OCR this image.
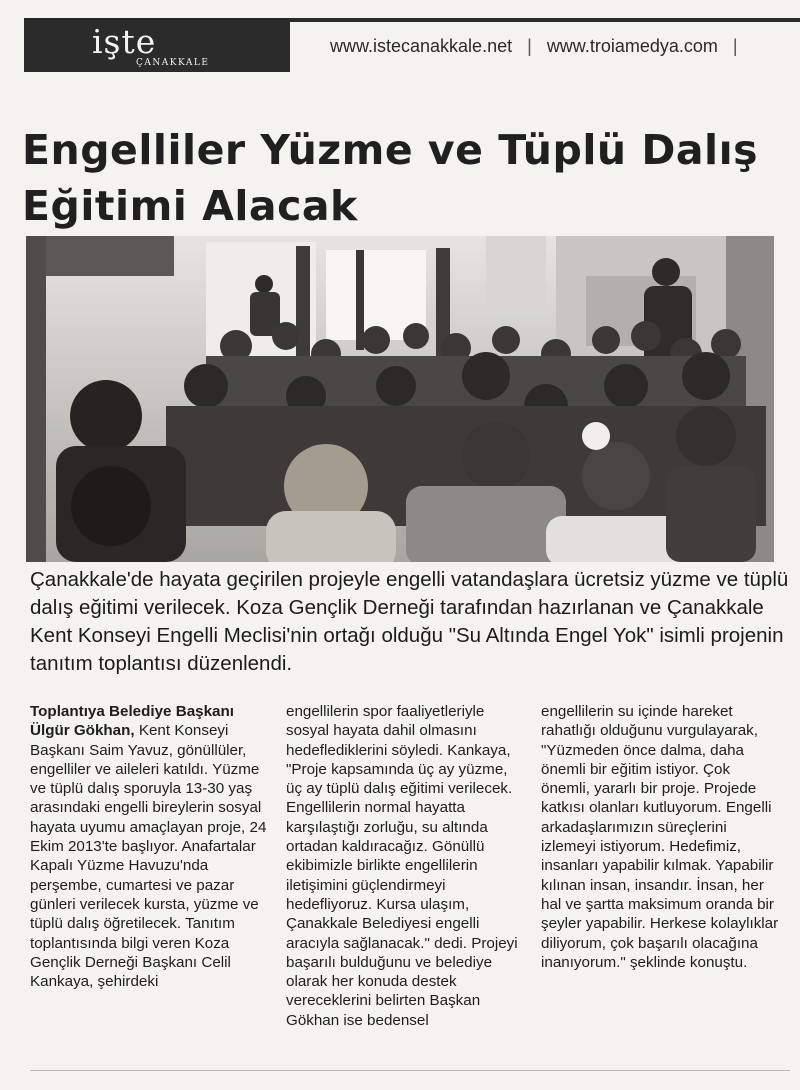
işte
ÇANAKKALE
www.istecanakkale.net | www.troiamedya.com |
Engelliler Yüzme ve Tüplü Dalış Eğitimi Alacak

Çanakkale'de hayata geçirilen projeyle engelli vatandaşlara ücretsiz yüzme ve tüplü dalış eğitimi verilecek. Koza Gençlik Derneği tarafından hazırlanan ve Çanakkale Kent Konseyi Engelli Meclisi'nin ortağı olduğu "Su Altında Engel Yok" isimli projenin tanıtım toplantısı düzenlendi.

Toplantıya Belediye Başkanı Ülgür Gökhan, Kent Konseyi Başkanı Saim Yavuz, gönüllüler, engelliler ve aileleri katıldı. Yüzme ve tüplü dalış sporuyla 13-30 yaş arasındaki engelli bireylerin sosyal hayata uyumu amaçlayan proje, 24 Ekim 2013'te başlıyor. Anafartalar Kapalı Yüzme Havuzu'nda perşembe, cumartesi ve pazar günleri verilecek kursta, yüzme ve tüplü dalış öğretilecek. Tanıtım toplantısında bilgi veren Koza Gençlik Derneği Başkanı Celil Kankaya, şehirdeki

engellilerin spor faaliyetleriyle sosyal hayata dahil olmasını hedeflediklerini söyledi. Kankaya, "Proje kapsamında üç ay yüzme, üç ay tüplü dalış eğitimi verilecek. Engellilerin normal hayatta karşılaştığı zorluğu, su altında ortadan kaldıracağız. Gönüllü ekibimizle birlikte engellilerin iletişimini güçlendirmeyi hedefliyoruz. Kursa ulaşım, Çanakkale Belediyesi engelli aracıyla sağlanacak." dedi. Projeyi başarılı bulduğunu ve belediye olarak her konuda destek vereceklerini belirten Başkan Gökhan ise bedensel

engellilerin su içinde hareket rahatlığı olduğunu vurgulayarak, "Yüzmeden önce dalma, daha önemli bir eğitim istiyor. Çok önemli, yararlı bir proje. Projede katkısı olanları kutluyorum. Engelli arkadaşlarımızın süreçlerini izlemeyi istiyorum. Hedefimiz, insanları yapabilir kılmak. Yapabilir kılınan insan, insandır. İnsan, her hal ve şartta maksimum oranda bir şeyler yapabilir. Herkese kolaylıklar diliyorum, çok başarılı olacağına inanıyorum." şeklinde konuştu.
